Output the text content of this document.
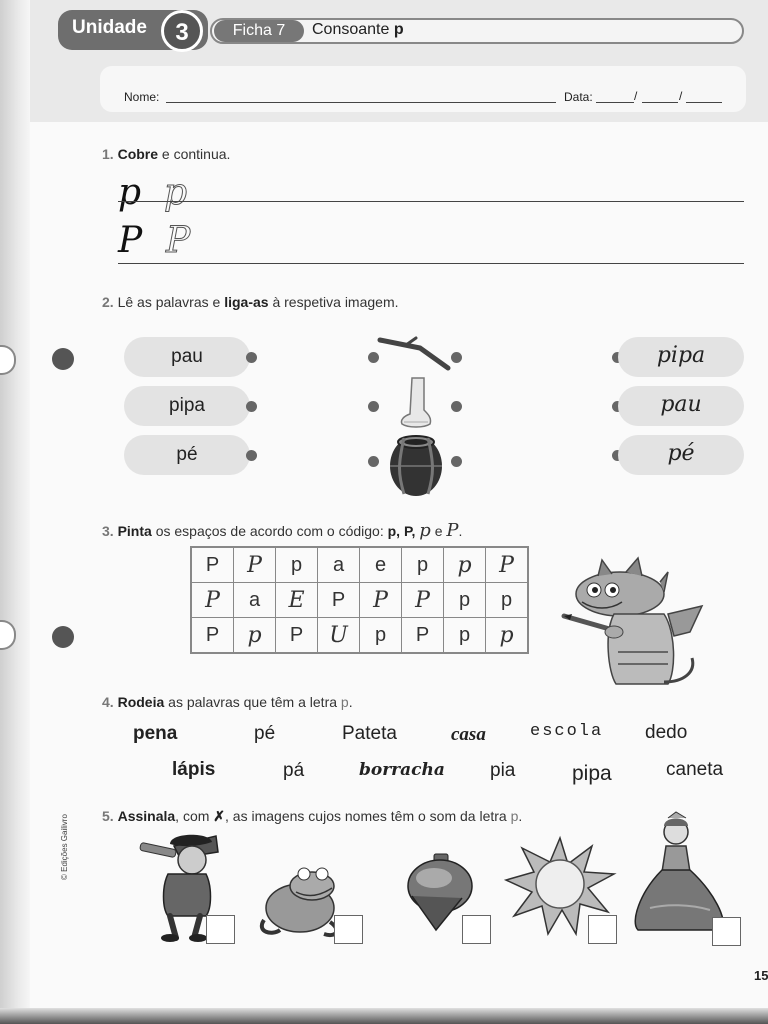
Unidade	3	Ficha 7	Consoante p
Nome:	Data:	/	/
1. Cobre e continua.
p p
P P
2. Lê as palavras e liga-as à respetiva imagem.
pau
pipa
pé
pipa
pau
pé
3. Pinta os espaços de acordo com o código: p, P, p e P.
P	P	p	a	e	p	p	P
P	a	E	P	P	P	p	p
P	p	P	U	p	P	p	p
4. Rodeia as palavras que têm a letra p.
pena	pé	Pateta	casa	escola dedo
lápis	pá	borracha pia	pipa	caneta
5. Assinala, com ✗, as imagens cujos nomes têm o som da letra p.
© Edições Gailivro
15
